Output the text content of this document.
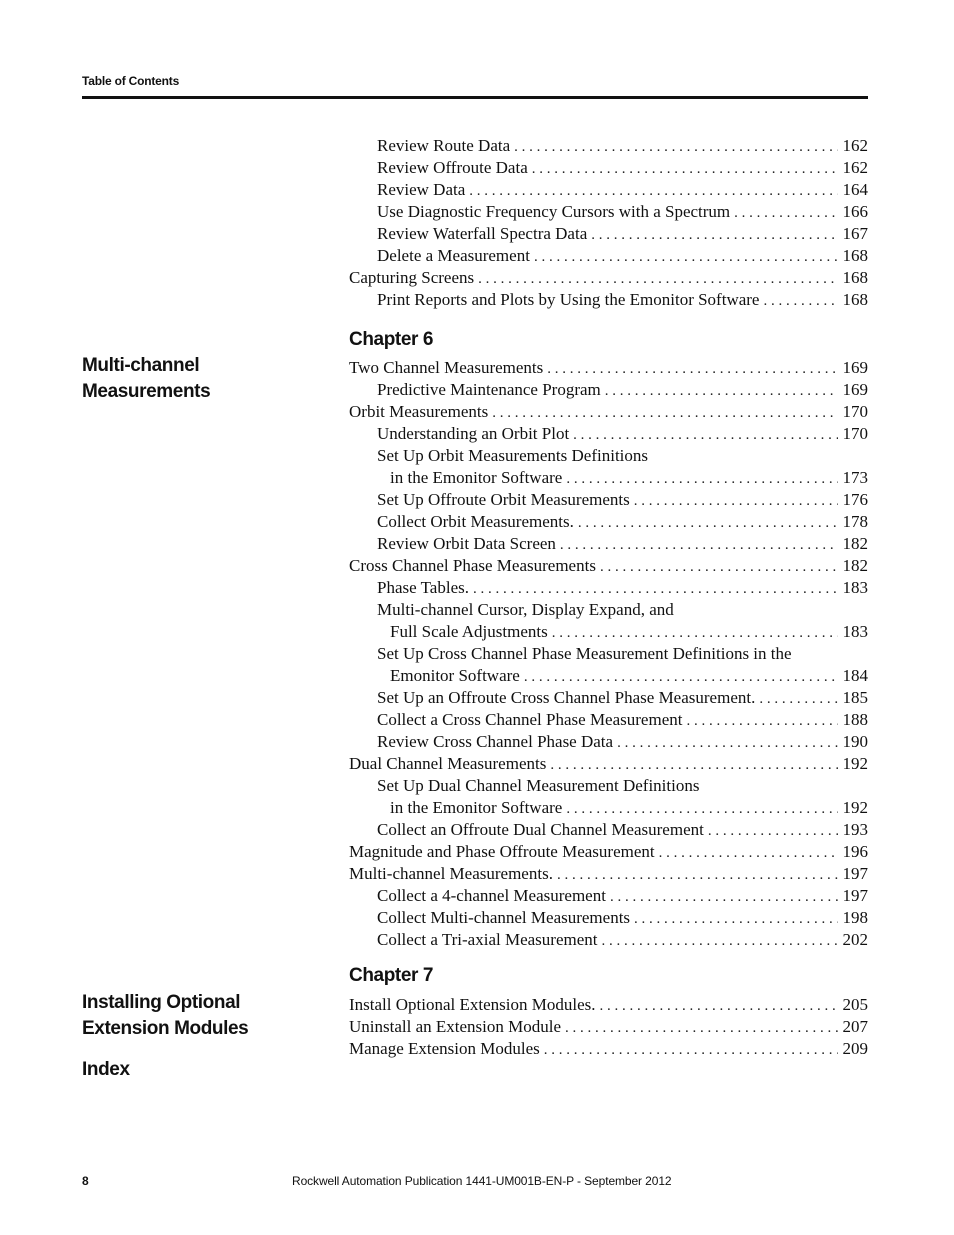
Table of Contents
Review Route Data . . .	162
Review Offroute Data . . .	162
Review Data . . .	164
Use Diagnostic Frequency Cursors with a Spectrum . . .	166
Review Waterfall Spectra Data . . .	167
Delete a Measurement . . .	168
Capturing Screens . . .	168
Print Reports and Plots by Using the Emonitor Software . . .	168
Chapter 6
Multi-channel Measurements
Two Channel Measurements . . .	169
Predictive Maintenance Program . . .	169
Orbit Measurements . . .	170
Understanding an Orbit Plot . . .	170
Set Up Orbit Measurements Definitions
in the Emonitor Software . . .	173
Set Up Offroute Orbit Measurements . . .	176
Collect Orbit Measurements. . . .	178
Review Orbit Data Screen . . .	182
Cross Channel Phase Measurements . . .	182
Phase Tables. . . .	183
Multi-channel Cursor, Display Expand, and
Full Scale Adjustments . . .	183
Set Up Cross Channel Phase Measurement Definitions in the
Emonitor Software . . .	184
Set Up an Offroute Cross Channel Phase Measurement. . . .	185
Collect a Cross Channel Phase Measurement . . .	188
Review Cross Channel Phase Data . . .	190
Dual Channel Measurements . . .	192
Set Up Dual Channel Measurement Definitions
in the Emonitor Software . . .	192
Collect an Offroute Dual Channel Measurement . . .	193
Magnitude and Phase Offroute Measurement . . .	196
Multi-channel Measurements. . . .	197
Collect a 4-channel Measurement . . .	197
Collect Multi-channel Measurements . . .	198
Collect a Tri-axial Measurement . . .	202
Chapter 7
Installing Optional Extension Modules
Install Optional Extension Modules. . . .	205
Uninstall an Extension Module . . .	207
Manage Extension Modules . . .	209
Index
8	Rockwell Automation Publication 1441-UM001B-EN-P - September 2012
